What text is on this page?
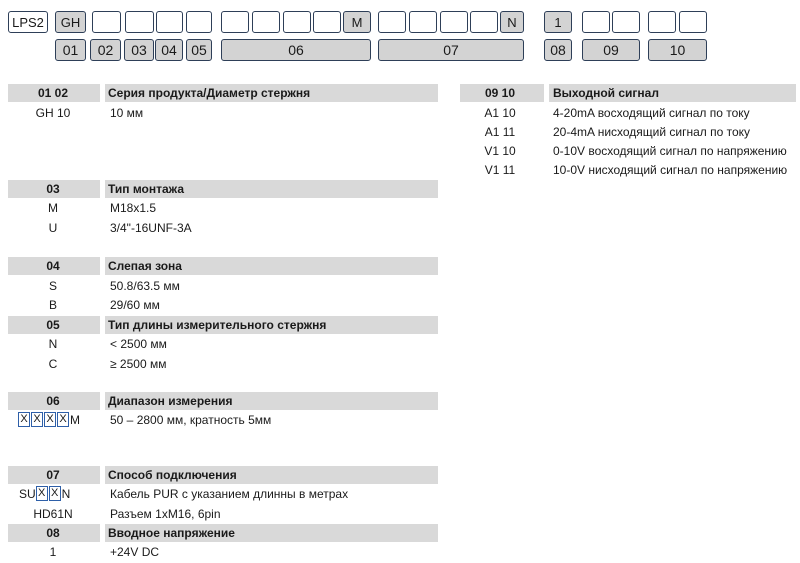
LPS2	GH	M	N	1
01	02	03	04	05	06	07	08	09	10
01 02	Серия продукта/Диаметр стержня
GH 10	10 мм
03	Тип монтажа
M	M18x1.5
U	3/4"-16UNF-3A
04	Слепая зона
S	50.8/63.5 мм
B	29/60 мм
05	Тип длины измерительного стержня
N	< 2500 мм
C	≥ 2500 мм
06	Диапазон измерения
X X X X M	50 – 2800 мм, кратность 5мм
07	Способ подключения
SU X X N	Кабель PUR с указанием длинны в метрах
HD61N	Разъем 1xM16, 6pin
08	Вводное напряжение
1	+24V DC
09 10	Выходной сигнал
A1 10	4-20mA восходящий сигнал по току
A1 11	20-4mA нисходящий сигнал по току
V1 10	0-10V восходящий сигнал по напряжению
V1 11	10-0V нисходящий сигнал по напряжению
